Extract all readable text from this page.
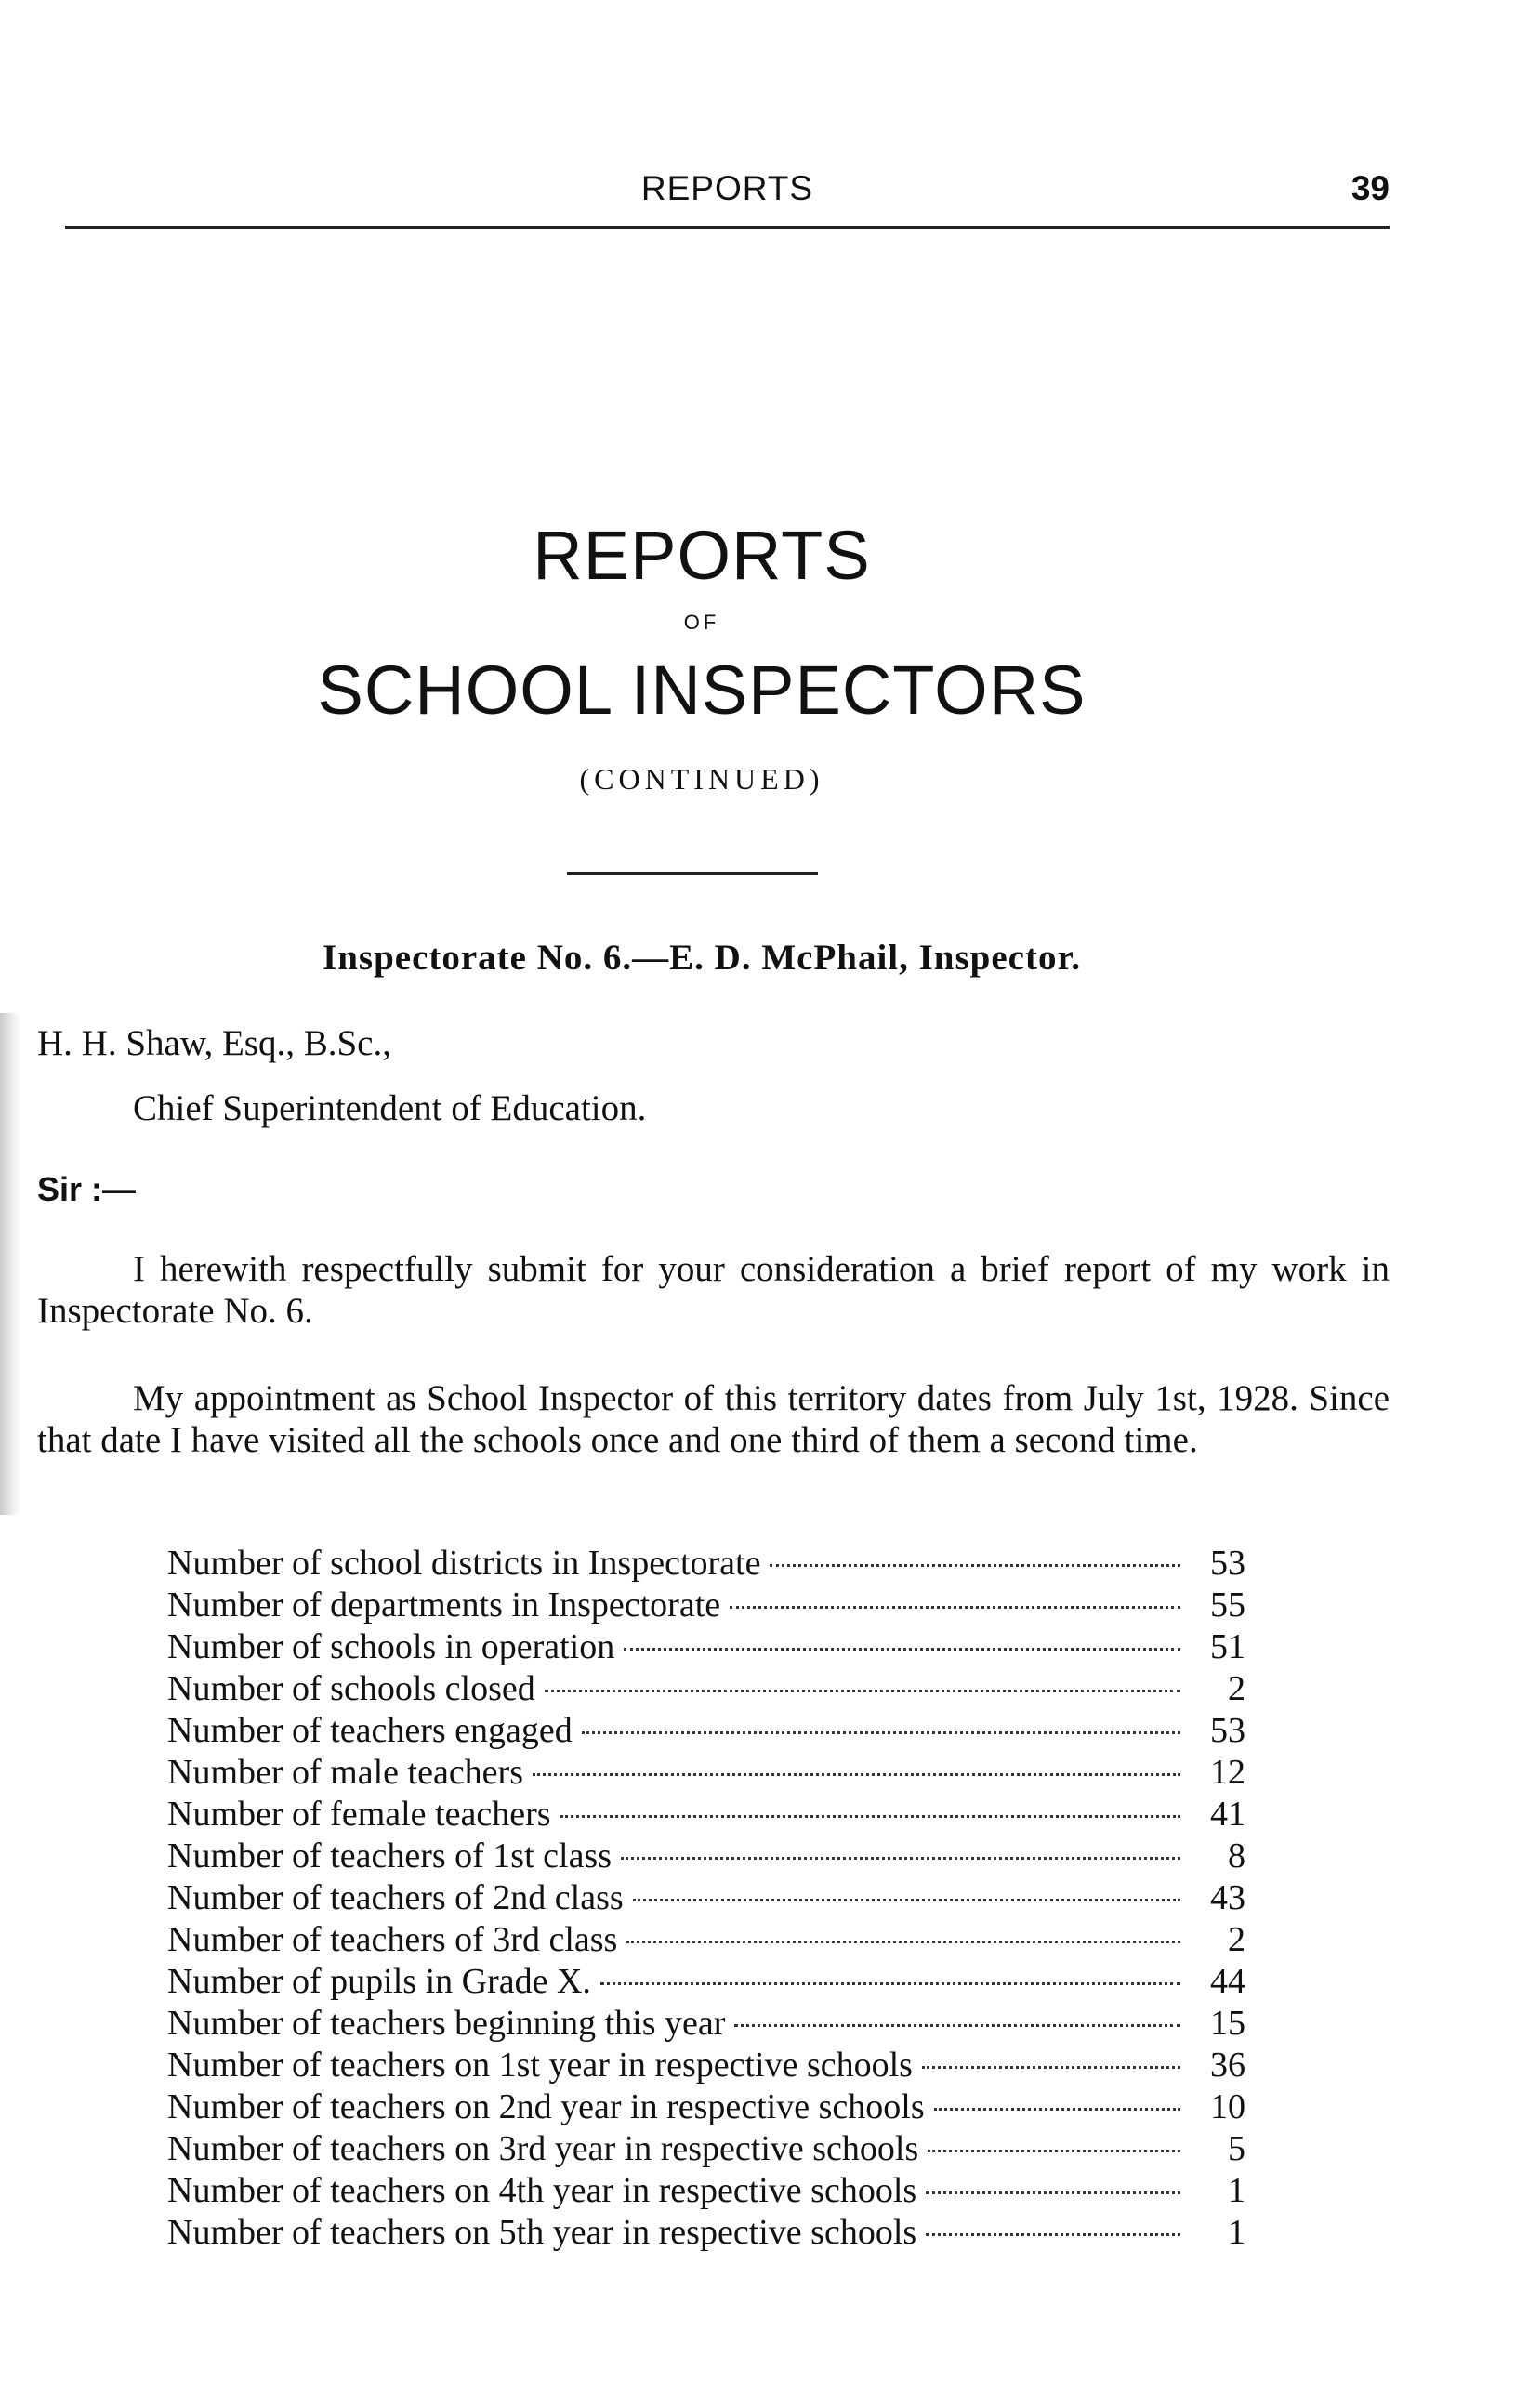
REPORTS	39
REPORTS
OF
SCHOOL INSPECTORS
(CONTINUED)
Inspectorate No. 6.—E. D. McPhail, Inspector.
H. H. Shaw, Esq., B.Sc.,
Chief Superintendent of Education.
Sir :—
I herewith respectfully submit for your consideration a brief report of my work in Inspectorate No. 6.
My appointment as School Inspector of this territory dates from July 1st, 1928. Since that date I have visited all the schools once and one third of them a second time.
Number of school districts in Inspectorate	53
Number of departments in Inspectorate	55
Number of schools in operation	51
Number of schools closed	2
Number of teachers engaged	53
Number of male teachers	12
Number of female teachers	41
Number of teachers of 1st class	8
Number of teachers of 2nd class	43
Number of teachers of 3rd class	2
Number of pupils in Grade X.	44
Number of teachers beginning this year	15
Number of teachers on 1st year in respective schools	36
Number of teachers on 2nd year in respective schools	10
Number of teachers on 3rd year in respective schools	5
Number of teachers on 4th year in respective schools	1
Number of teachers on 5th year in respective schools	1
